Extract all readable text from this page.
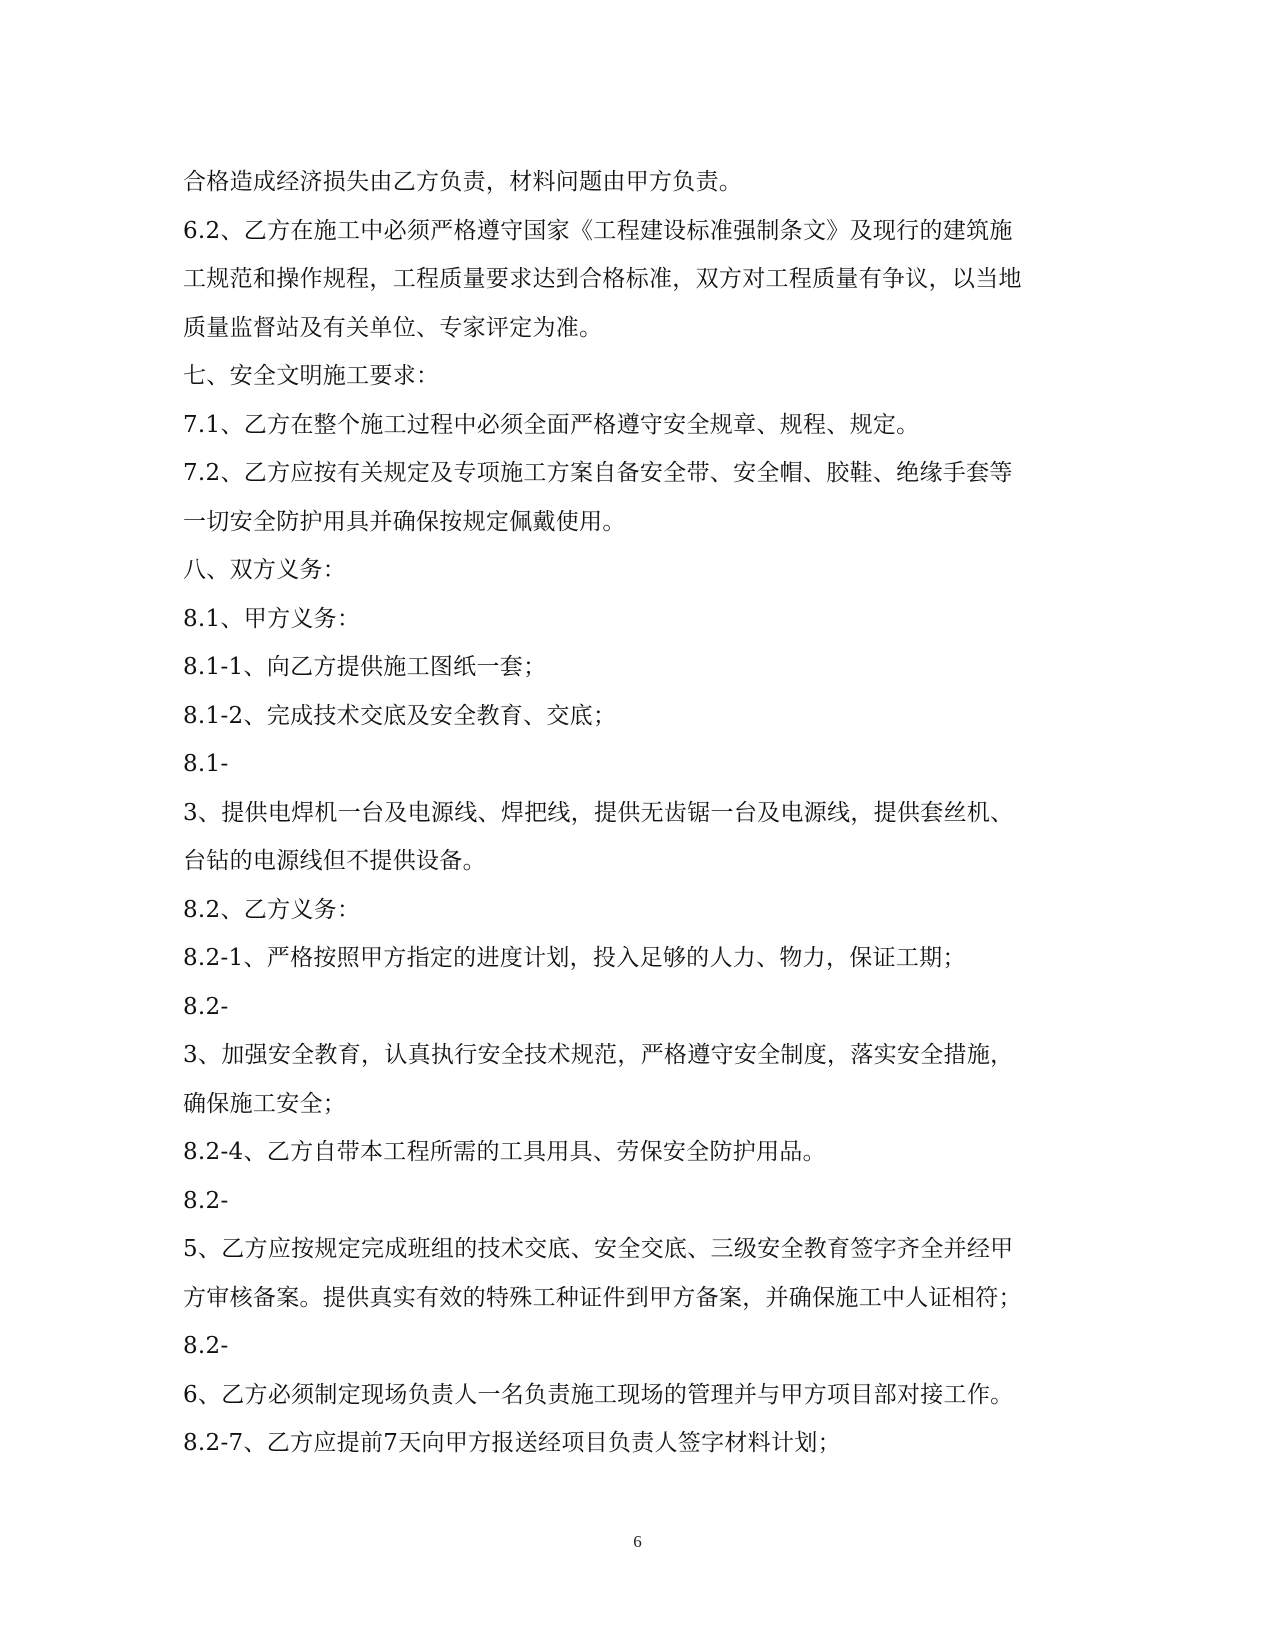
合格造成经济损失由乙方负责，材料问题由甲方负责。
6.2、乙方在施工中必须严格遵守国家《工程建设标准强制条文》及现行的建筑施
工规范和操作规程，工程质量要求达到合格标准，双方对工程质量有争议，以当地
质量监督站及有关单位、专家评定为准。
七、安全文明施工要求：
7.1、乙方在整个施工过程中必须全面严格遵守安全规章、规程、规定。
7.2、乙方应按有关规定及专项施工方案自备安全带、安全帽、胶鞋、绝缘手套等
一切安全防护用具并确保按规定佩戴使用。
八、双方义务：
8.1、甲方义务：
8.1-1、向乙方提供施工图纸一套；
8.1-2、完成技术交底及安全教育、交底；
8.1-
3、提供电焊机一台及电源线、焊把线，提供无齿锯一台及电源线，提供套丝机、
台钻的电源线但不提供设备。
8.2、乙方义务：
8.2-1、严格按照甲方指定的进度计划，投入足够的人力、物力，保证工期；
8.2-
3、加强安全教育，认真执行安全技术规范，严格遵守安全制度，落实安全措施，
确保施工安全；
8.2-4、乙方自带本工程所需的工具用具、劳保安全防护用品。
8.2-
5、乙方应按规定完成班组的技术交底、安全交底、三级安全教育签字齐全并经甲
方审核备案。提供真实有效的特殊工种证件到甲方备案，并确保施工中人证相符；
8.2-
6、乙方必须制定现场负责人一名负责施工现场的管理并与甲方项目部对接工作。
8.2-7、乙方应提前7天向甲方报送经项目负责人签字材料计划；
6
